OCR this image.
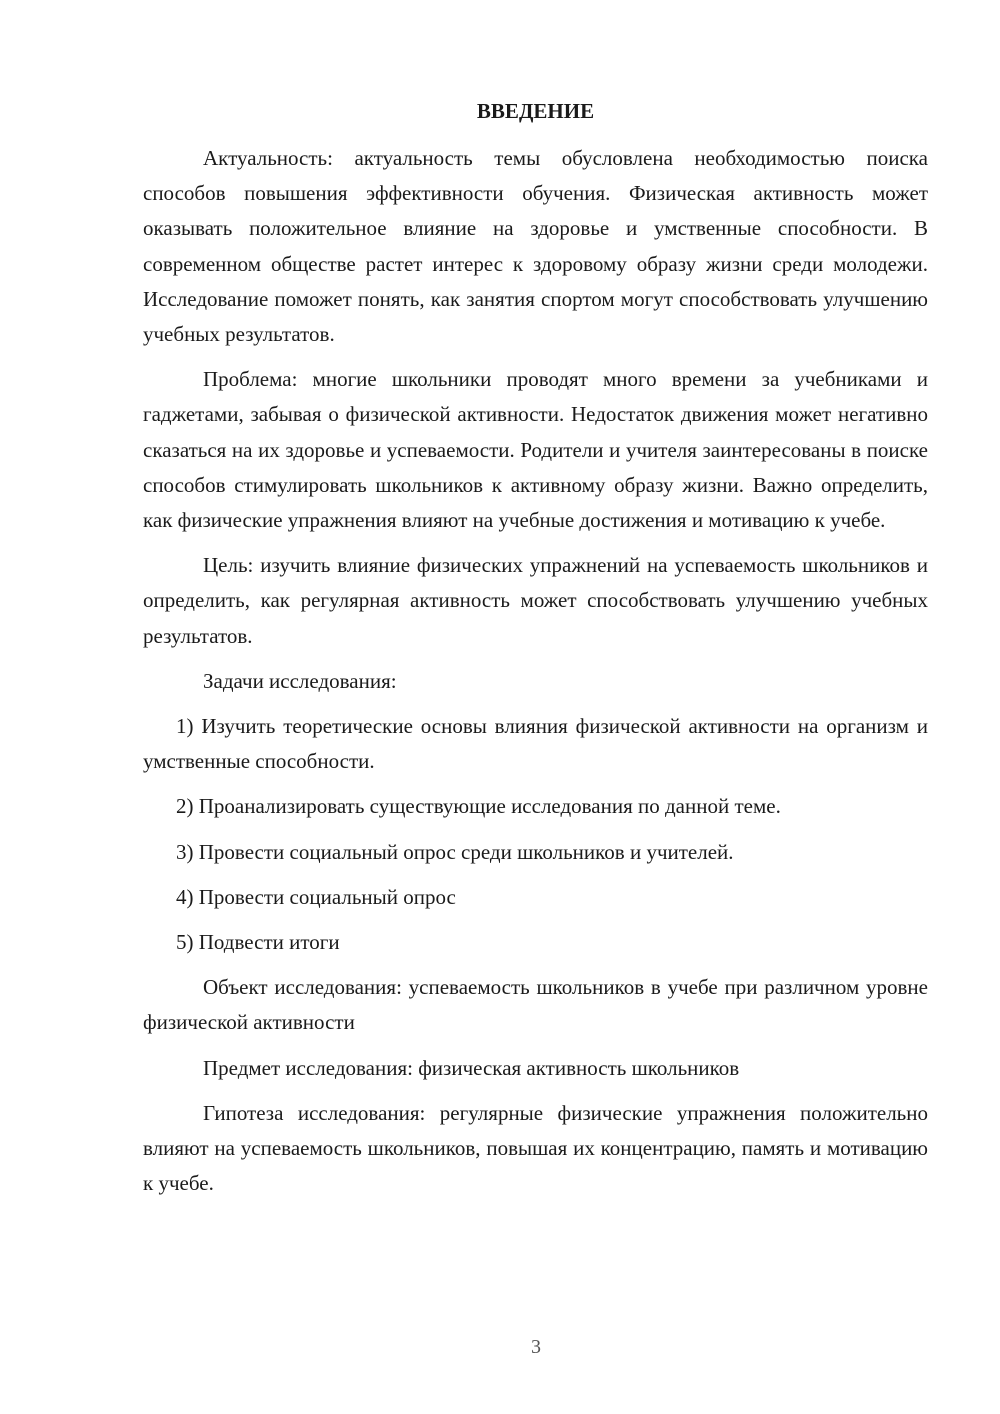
ВВЕДЕНИЕ

Актуальность: актуальность темы обусловлена необходимостью поиска способов повышения эффективности обучения. Физическая активность может оказывать положительное влияние на здоровье и умственные способности. В современном обществе растет интерес к здоровому образу жизни среди молодежи. Исследование поможет понять, как занятия спортом могут способствовать улучшению учебных результатов.

Проблема: многие школьники проводят много времени за учебниками и гаджетами, забывая о физической активности. Недостаток движения может негативно сказаться на их здоровье и успеваемости. Родители и учителя заинтересованы в поиске способов стимулировать школьников к активному образу жизни. Важно определить, как физические упражнения влияют на учебные достижения и мотивацию к учебе.

Цель: изучить влияние физических упражнений на успеваемость школьников и определить, как регулярная активность может способствовать улучшению учебных результатов.

Задачи исследования:

1) Изучить теоретические основы влияния физической активности на организм и умственные способности.

2) Проанализировать существующие исследования по данной теме.

3) Провести социальный опрос среди школьников и учителей.

4) Провести социальный опрос

5) Подвести итоги

Объект исследования: успеваемость школьников в учебе при различном уровне физической активности

Предмет исследования: физическая активность школьников

Гипотеза исследования: регулярные физические упражнения положительно влияют на успеваемость школьников, повышая их концентрацию, память и мотивацию к учебе.

3
